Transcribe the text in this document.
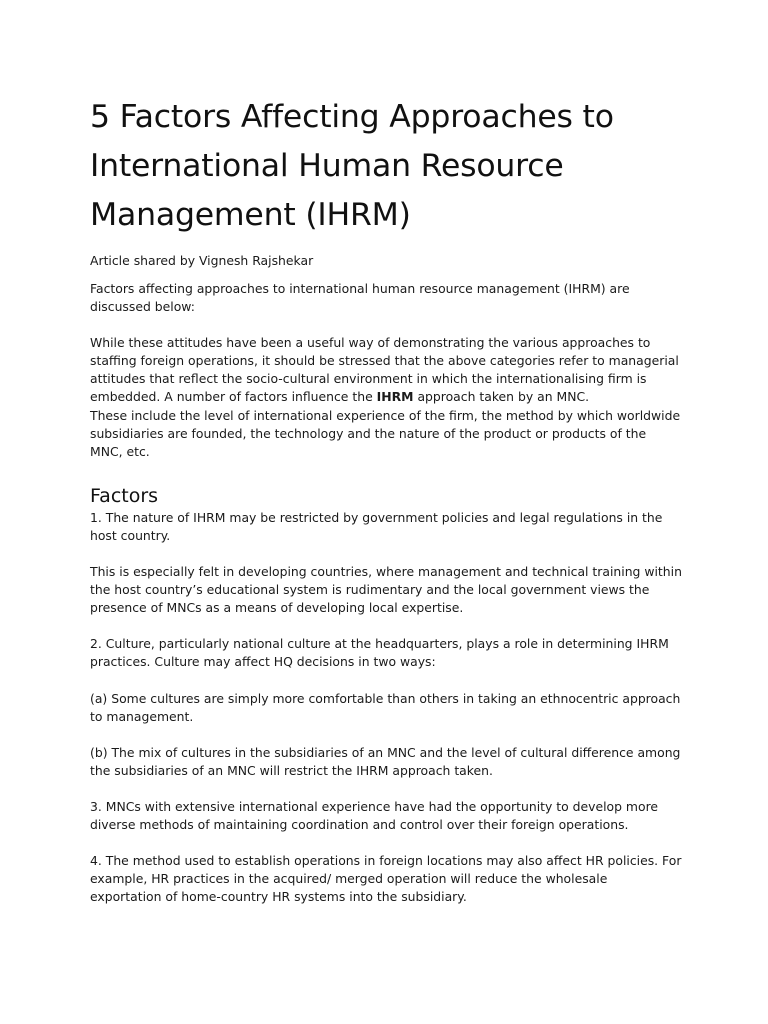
5 Factors Affecting Approaches to International Human Resource Management (IHRM)

Article shared by Vignesh Rajshekar

Factors affecting approaches to international human resource management (IHRM) are discussed below:

While these attitudes have been a useful way of demonstrating the various approaches to staffing foreign operations, it should be stressed that the above categories refer to managerial attitudes that reflect the socio-cultural environment in which the internationalising firm is embedded. A number of factors influence the IHRM approach taken by an MNC.
These include the level of international experience of the firm, the method by which worldwide subsidiaries are founded, the technology and the nature of the product or products of the MNC, etc.

Factors

1. The nature of IHRM may be restricted by government policies and legal regulations in the host country.

This is especially felt in developing countries, where management and technical training within the host country’s educational system is rudimentary and the local government views the presence of MNCs as a means of developing local expertise.

2. Culture, particularly national culture at the headquarters, plays a role in determining IHRM practices. Culture may affect HQ decisions in two ways:

(a) Some cultures are simply more comfortable than others in taking an ethnocentric approach to management.

(b) The mix of cultures in the subsidiaries of an MNC and the level of cultural difference among the subsidiaries of an MNC will restrict the IHRM approach taken.

3. MNCs with extensive international experience have had the opportunity to develop more diverse methods of maintaining coordination and control over their foreign operations.

4. The method used to establish operations in foreign locations may also affect HR policies. For example, HR practices in the acquired/ merged operation will reduce the wholesale exportation of home-country HR systems into the subsidiary.
